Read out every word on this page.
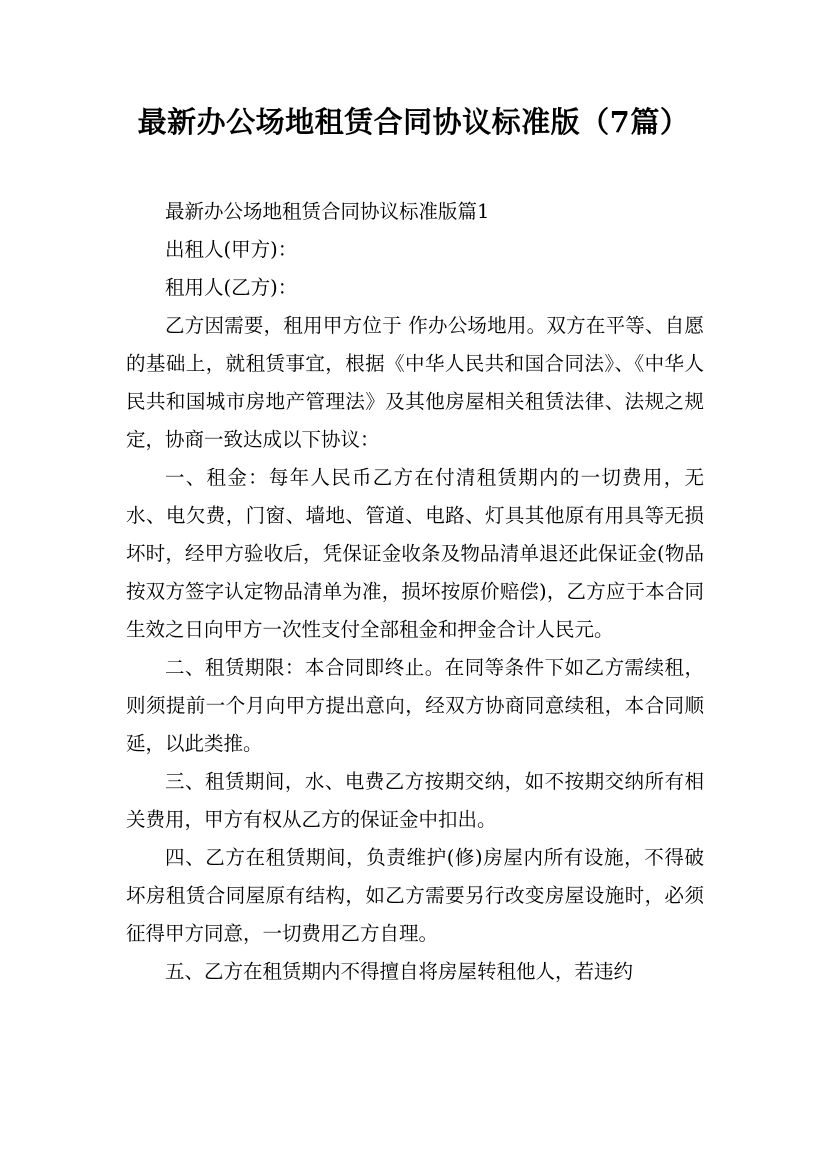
最新办公场地租赁合同协议标准版（7篇）

最新办公场地租赁合同协议标准版篇1

出租人(甲方)：

租用人(乙方)：

乙方因需要，租用甲方位于 作办公场地用。双方在平等、自愿的基础上，就租赁事宜，根据《中华人民共和国合同法》、《中华人民共和国城市房地产管理法》及其他房屋相关租赁法律、法规之规定，协商一致达成以下协议：

一、租金：每年人民币乙方在付清租赁期内的一切费用，无水、电欠费，门窗、墙地、管道、电路、灯具其他原有用具等无损坏时，经甲方验收后，凭保证金收条及物品清单退还此保证金(物品按双方签字认定物品清单为准，损坏按原价赔偿)，乙方应于本合同生效之日向甲方一次性支付全部租金和押金合计人民元。

二、租赁期限：本合同即终止。在同等条件下如乙方需续租，则须提前一个月向甲方提出意向，经双方协商同意续租，本合同顺延，以此类推。

三、租赁期间，水、电费乙方按期交纳，如不按期交纳所有相关费用，甲方有权从乙方的保证金中扣出。

四、乙方在租赁期间，负责维护(修)房屋内所有设施，不得破坏房租赁合同屋原有结构，如乙方需要另行改变房屋设施时，必须征得甲方同意，一切费用乙方自理。

五、乙方在租赁期内不得擅自将房屋转租他人，若违约
